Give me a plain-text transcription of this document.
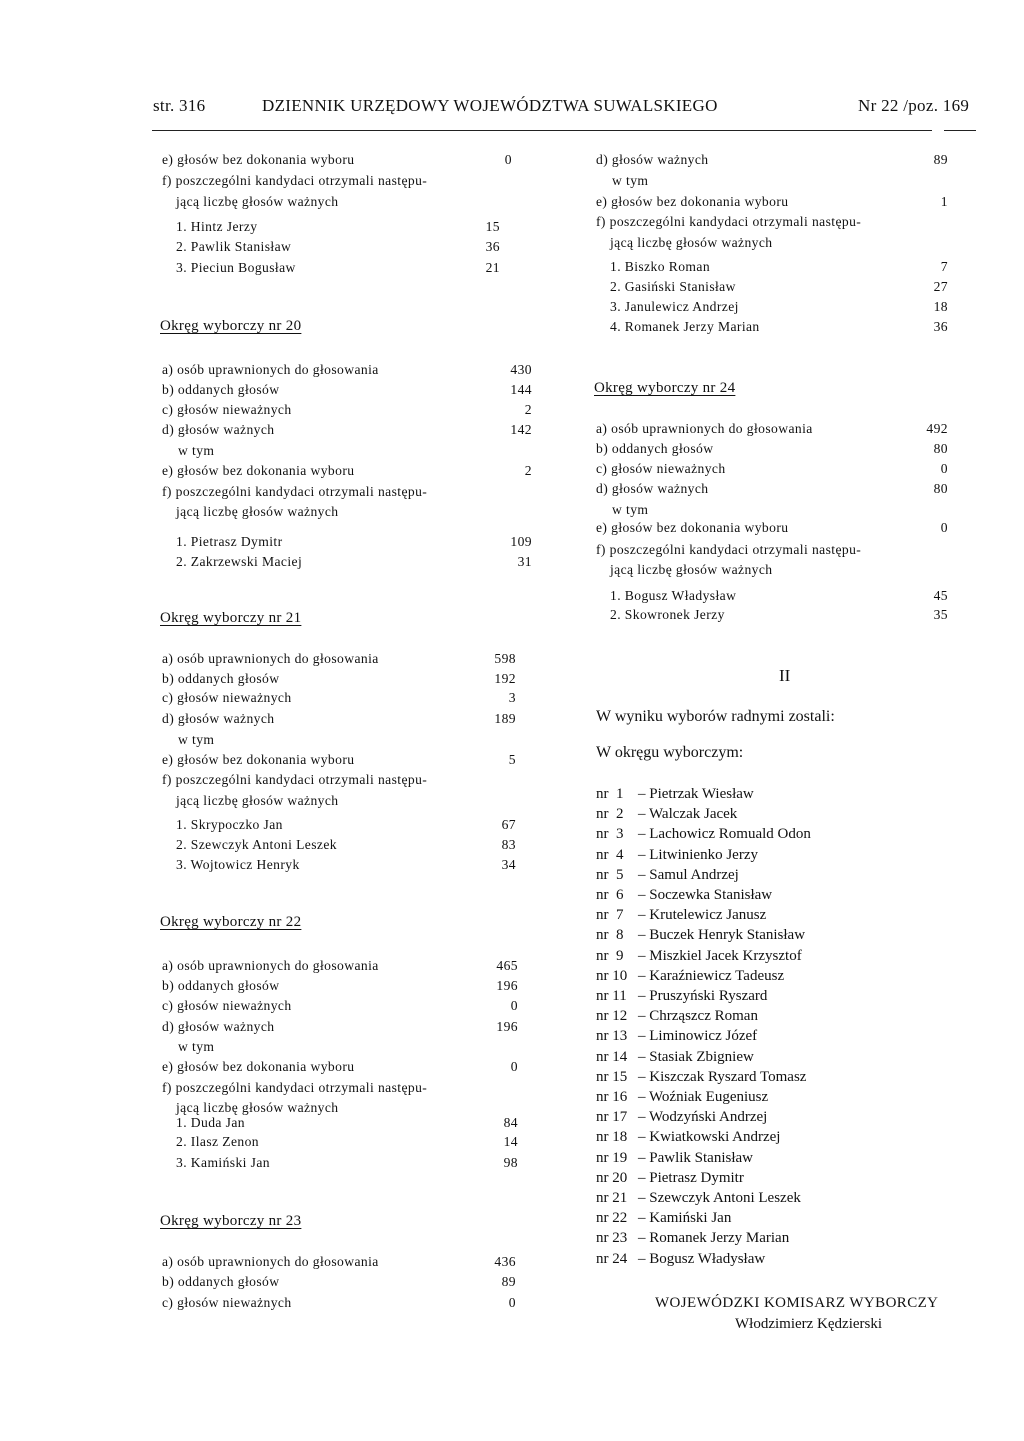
str. 316	DZIENNIK URZĘDOWY WOJEWÓDZTWA SUWALSKIEGO	Nr 22 /poz. 169
e) głosów bez dokonania wyboru	0
f) poszczególni kandydaci otrzymali następu-
jącą liczbę głosów ważnych
1. Hintz Jerzy	15
2. Pawlik Stanisław	36
3. Pieciun Bogusław	21
Okręg wyborczy nr 20
a) osób uprawnionych do głosowania	430
b) oddanych głosów	144
c) głosów nieważnych	2
d) głosów ważnych	142
w tym
e) głosów bez dokonania wyboru	2
f) poszczególni kandydaci otrzymali następu-
jącą liczbę głosów ważnych
1. Pietrasz Dymitr	109
2. Zakrzewski Maciej	31
Okręg wyborczy nr 21
a) osób uprawnionych do głosowania	598
b) oddanych głosów	192
c) głosów nieważnych	3
d) głosów ważnych	189
w tym
e) głosów bez dokonania wyboru	5
f) poszczególni kandydaci otrzymali następu-
jącą liczbę głosów ważnych
1. Skrypoczko Jan	67
2. Szewczyk Antoni Leszek	83
3. Wojtowicz Henryk	34
Okręg wyborczy nr 22
a) osób uprawnionych do głosowania	465
b) oddanych głosów	196
c) głosów nieważnych	0
d) głosów ważnych	196
w tym
e) głosów bez dokonania wyboru	0
f) poszczególni kandydaci otrzymali następu-
jącą liczbę głosów ważnych
1. Duda Jan	84
2. Ilasz Zenon	14
3. Kamiński Jan	98
Okręg wyborczy nr 23
a) osób uprawnionych do głosowania	436
b) oddanych głosów	89
c) głosów nieważnych	0
d) głosów ważnych	89
w tym
e) głosów bez dokonania wyboru	1
f) poszczególni kandydaci otrzymali następu-
jącą liczbę głosów ważnych
1. Biszko Roman	7
2. Gasiński Stanisław	27
3. Janulewicz Andrzej	18
4. Romanek Jerzy Marian	36
Okręg wyborczy nr 24
a) osób uprawnionych do głosowania	492
b) oddanych głosów	80
c) głosów nieważnych	0
d) głosów ważnych	80
w tym
e) głosów bez dokonania wyboru	0
f) poszczególni kandydaci otrzymali następu-
jącą liczbę głosów ważnych
1. Bogusz Władysław	45
2. Skowronek Jerzy	35
II
W wyniku wyborów radnymi zostali:
W okręgu wyborczym:
nr  1 – Pietrzak Wiesław
nr  2 – Walczak Jacek
nr  3 – Lachowicz Romuald Odon
nr  4 – Litwinienko Jerzy
nr  5 – Samul Andrzej
nr  6 – Soczewka Stanisław
nr  7 – Krutelewicz Janusz
nr  8 – Buczek Henryk Stanisław
nr  9 – Miszkiel Jacek Krzysztof
nr 10 – Karaźniewicz Tadeusz
nr 11 – Pruszyński Ryszard
nr 12 – Chrząszcz Roman
nr 13 – Liminowicz Józef
nr 14 – Stasiak Zbigniew
nr 15 – Kiszczak Ryszard Tomasz
nr 16 – Woźniak Eugeniusz
nr 17 – Wodzyński Andrzej
nr 18 – Kwiatkowski Andrzej
nr 19 – Pawlik Stanisław
nr 20 – Pietrasz Dymitr
nr 21 – Szewczyk Antoni Leszek
nr 22 – Kamiński Jan
nr 23 – Romanek Jerzy Marian
nr 24 – Bogusz Władysław
WOJEWÓDZKI KOMISARZ WYBORCZY
Włodzimierz Kędzierski
